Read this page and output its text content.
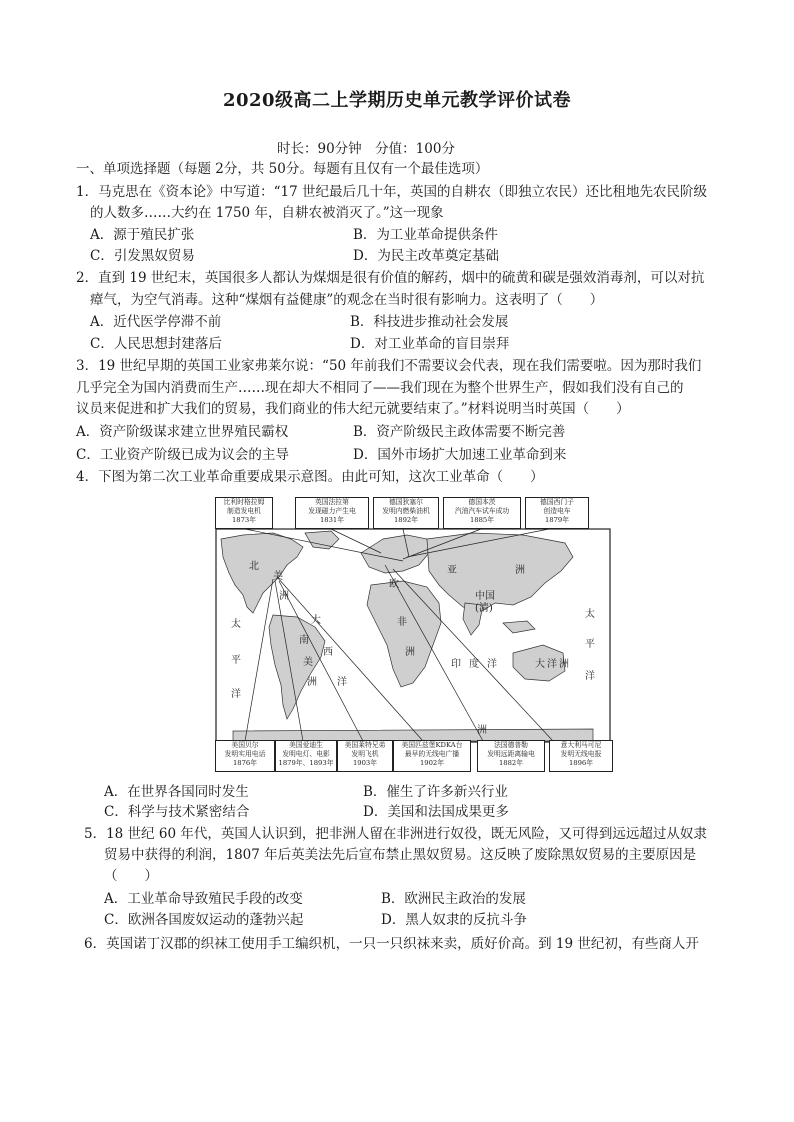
2020级高二上学期历史单元教学评价试卷
时长：90分钟　分值：100分
一、单项选择题（每题 2分，共 50分。每题有且仅有一个最佳选项）
1．马克思在《资本论》中写道：“17 世纪最后几十年，英国的自耕农（即独立农民）还比租地先农民阶级
的人数多……大约在 1750 年，自耕农被消灭了。”这一现象
A．源于殖民扩张	B．为工业革命提供条件
C．引发黑奴贸易	D．为民主改革奠定基础
2．直到 19 世纪末，英国很多人都认为煤烟是很有价值的解药，烟中的硫黄和碳是强效消毒剂，可以对抗
瘴气，为空气消毒。这种“煤烟有益健康”的观念在当时很有影响力。这表明了（　　）
A．近代医学停滞不前	B．科技进步推动社会发展
C．人民思想封建落后	D．对工业革命的盲目崇拜
3．19 世纪早期的英国工业家弗莱尔说：“50 年前我们不需要议会代表，现在我们需要啦。因为那时我们
几乎完全为国内消费而生产……现在却大不相同了——我们现在为整个世界生产，假如我们没有自己的
议员来促进和扩大我们的贸易，我们商业的伟大纪元就要结束了。”材料说明当时英国（　　）
A．资产阶级谋求建立世界殖民霸权	B．资产阶级民主政体需要不断完善
C．工业资产阶级已成为议会的主导	D．国外市场扩大加速工业革命到来
4．下图为第二次工业革命重要成果示意图。由此可知，这次工业革命（　　）
比利时格拉姆
制造发电机
1873年
英国法拉第
发现磁力产生电
1831年
德国狄塞尔
发明内燃柴油机
1892年
德国本茨
汽油汽车试车成功
1885年
德国西门子
创造电车
1879年
美国贝尔
发明实用电话
1876年
美国爱迪生
发明电灯、电影
1879年、1893年
美国莱特兄弟
发明飞机
1903年
美国匹兹堡KDKA台
最早的无线电广播
1902年
法国德普勒
发明远距离输电
1882年
意大利马可尼
发明无线电报
1896年
北
美
洲
太
平
洋
大
西
洋
南
美
洲
欧
非
洲
中国
(清)
亚	洲
印 度 洋	大 洋 洲
太
平
洋
洲
A．在世界各国同时发生	B．催生了许多新兴行业
C．科学与技术紧密结合	D．美国和法国成果更多
5．18 世纪 60 年代，英国人认识到，把非洲人留在非洲进行奴役，既无风险，又可得到远远超过从奴隶
贸易中获得的利润，1807 年后英美法先后宣布禁止黑奴贸易。这反映了废除黑奴贸易的主要原因是
（　　）
A．工业革命导致殖民手段的改变	B．欧洲民主政治的发展
C．欧洲各国废奴运动的蓬勃兴起	D．黑人奴隶的反抗斗争
6．英国诺丁汉郡的织袜工使用手工编织机，一只一只织袜来卖，质好价高。到 19 世纪初，有些商人开
